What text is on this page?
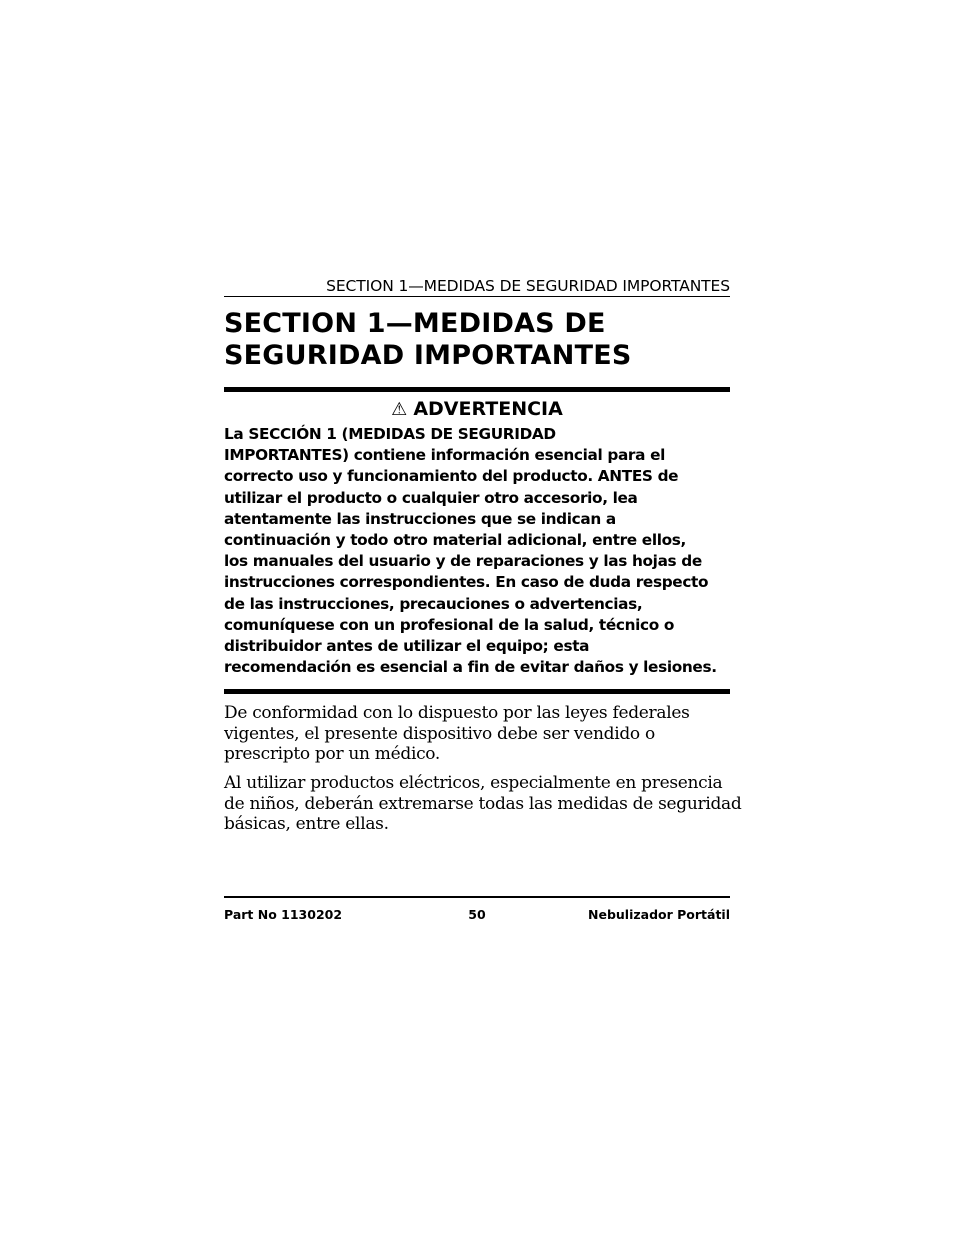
SECTION 1—MEDIDAS DE SEGURIDAD IMPORTANTES
SECTION 1—MEDIDAS DE
SEGURIDAD IMPORTANTES
⚠ ADVERTENCIA

La SECCIÓN 1 (MEDIDAS DE SEGURIDAD
IMPORTANTES) contiene información esencial para el
correcto uso y funcionamiento del producto. ANTES de
utilizar el producto o cualquier otro accesorio, lea
atentamente las instrucciones que se indican a
continuación y todo otro material adicional, entre ellos,
los manuales del usuario y de reparaciones y las hojas de
instrucciones correspondientes. En caso de duda respecto
de las instrucciones, precauciones o advertencias,
comuníquese con un profesional de la salud, técnico o
distribuidor antes de utilizar el equipo; esta
recomendación es esencial a fin de evitar daños y lesiones.

De conformidad con lo dispuesto por las leyes federales
vigentes, el presente dispositivo debe ser vendido o
prescripto por un médico.

Al utilizar productos eléctricos, especialmente en presencia
de niños, deberán extremarse todas las medidas de seguridad
básicas, entre ellas.

Part No 1130202	50	Nebulizador Portátil
